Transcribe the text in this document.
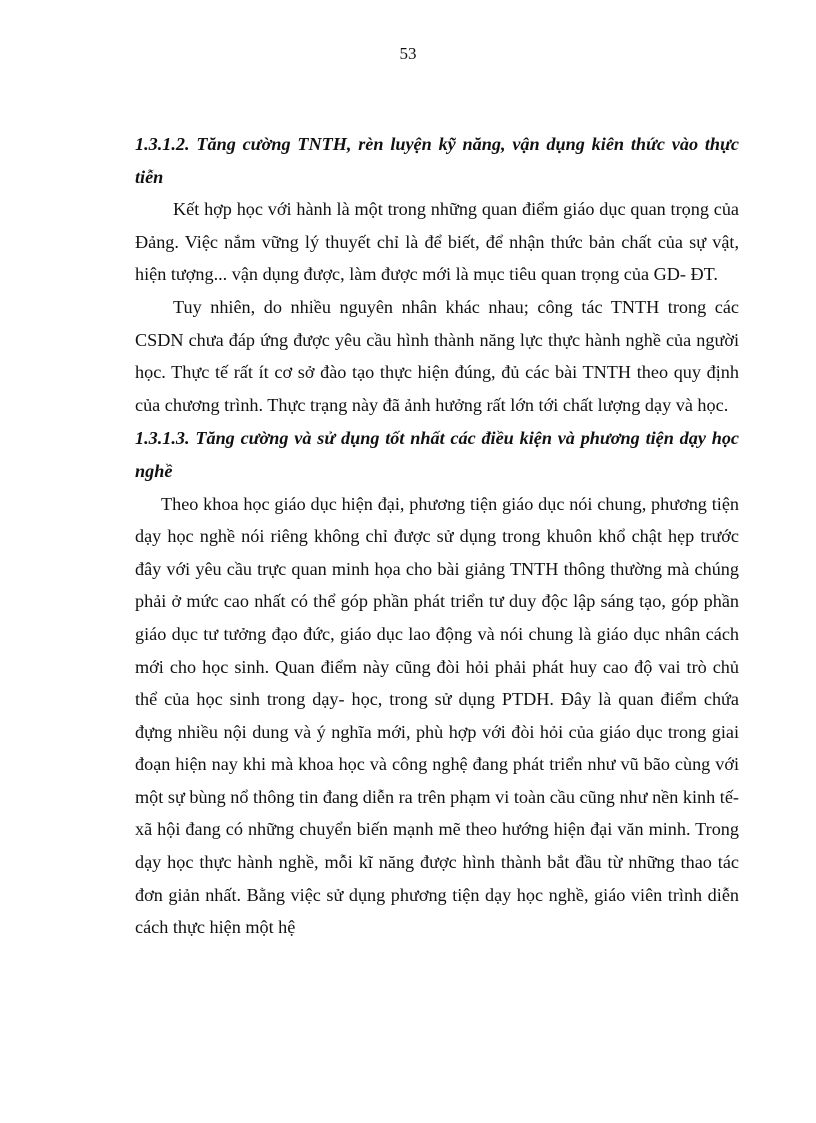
53

1.3.1.2. Tăng cường TNTH, rèn luyện kỹ năng, vận dụng kiên thức vào thực tiễn

Kết hợp học với hành là một trong những quan điểm giáo dục quan trọng của Đảng. Việc nắm vững lý thuyết chỉ là để biết, để nhận thức bản chất của sự vật, hiện tượng... vận dụng được, làm được mới là mục tiêu quan trọng của GD- ĐT.

Tuy nhiên, do nhiều nguyên nhân khác nhau; công tác TNTH trong các CSDN chưa đáp ứng được yêu cầu hình thành năng lực thực hành nghề của người học. Thực tế rất ít cơ sở đào tạo thực hiện đúng, đủ các bài TNTH theo quy định của chương trình. Thực trạng này đã ảnh hưởng rất lớn tới chất lượng dạy và học.

1.3.1.3. Tăng cường và sử dụng tốt nhất các điều kiện và phương tiện dạy học nghề

Theo khoa học giáo dục hiện đại, phương tiện giáo dục nói chung, phương tiện dạy học nghề nói riêng không chỉ được sử dụng trong khuôn khổ chật hẹp trước đây với yêu cầu trực quan minh họa cho bài giảng TNTH thông thường mà chúng phải ở mức cao nhất có thể góp phần phát triển tư duy độc lập sáng tạo, góp phần giáo dục tư tưởng đạo đức, giáo dục lao động và nói chung là giáo dục nhân cách mới cho học sinh. Quan điểm này cũng đòi hỏi phải phát huy cao độ vai trò chủ thể của học sinh trong dạy- học, trong sử dụng PTDH. Đây là quan điểm chứa đựng nhiều nội dung và ý nghĩa mới, phù hợp với đòi hỏi của giáo dục trong giai đoạn hiện nay khi mà khoa học và công nghệ đang phát triển như vũ bão cùng với một sự bùng nổ thông tin đang diễn ra trên phạm vi toàn cầu cũng như nền kinh tế- xã hội đang có những chuyển biến mạnh mẽ theo hướng hiện đại văn minh. Trong dạy học thực hành nghề, mỗi kĩ năng được hình thành bắt đầu từ những thao tác đơn giản nhất. Bằng việc sử dụng phương tiện dạy học nghề, giáo viên trình diễn cách thực hiện một hệ
